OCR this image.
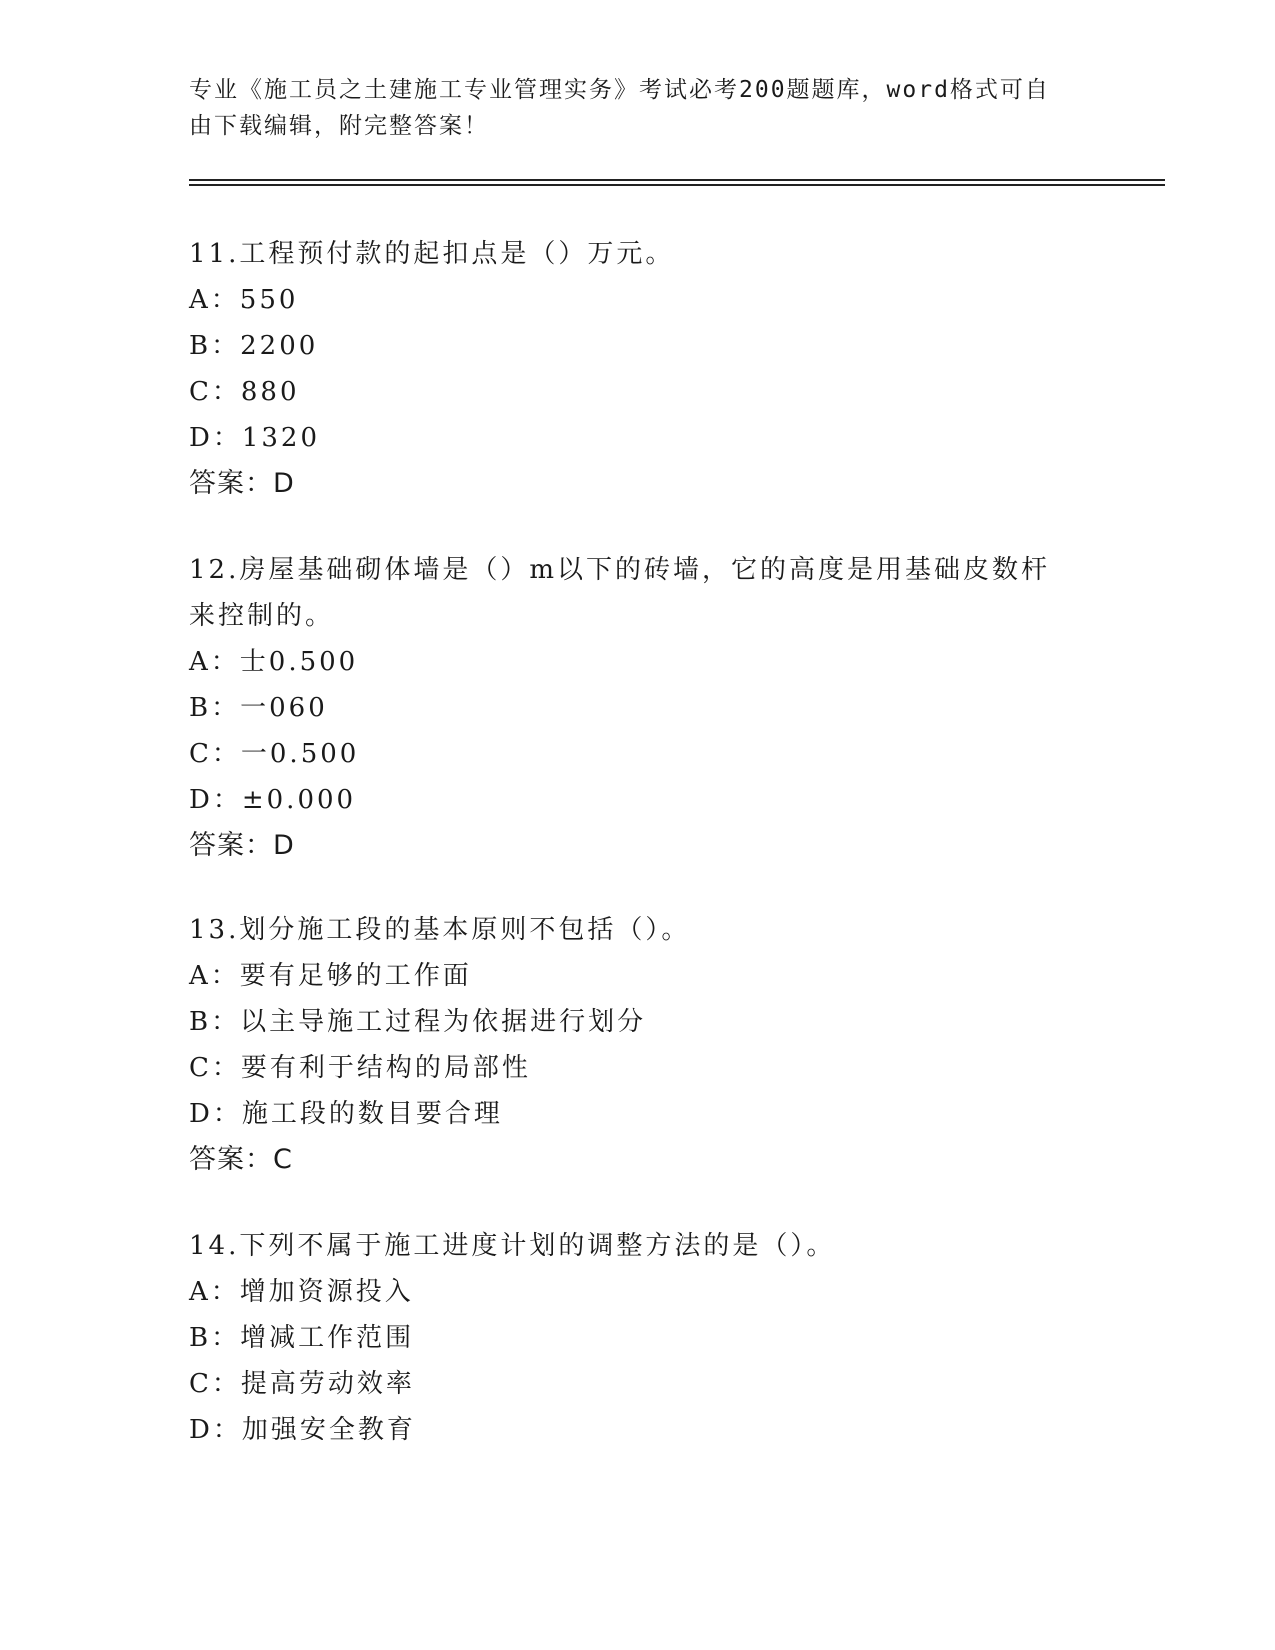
专业《施工员之土建施工专业管理实务》考试必考200题题库，word格式可自由下载编辑，附完整答案！

11.工程预付款的起扣点是（）万元。

A：550

B：2200

C：880

D：1320

答案：D

12.房屋基础砌体墙是（）m以下的砖墙，它的高度是用基础皮数杆来控制的。

A：士0.500

B：一060

C：一0.500

D：±0.000

答案：D

13.划分施工段的基本原则不包括（）。

A：要有足够的工作面

B：以主导施工过程为依据进行划分

C：要有利于结构的局部性

D：施工段的数目要合理

答案：C

14.下列不属于施工进度计划的调整方法的是（）。

A：增加资源投入

B：增减工作范围

C：提高劳动效率

D：加强安全教育
